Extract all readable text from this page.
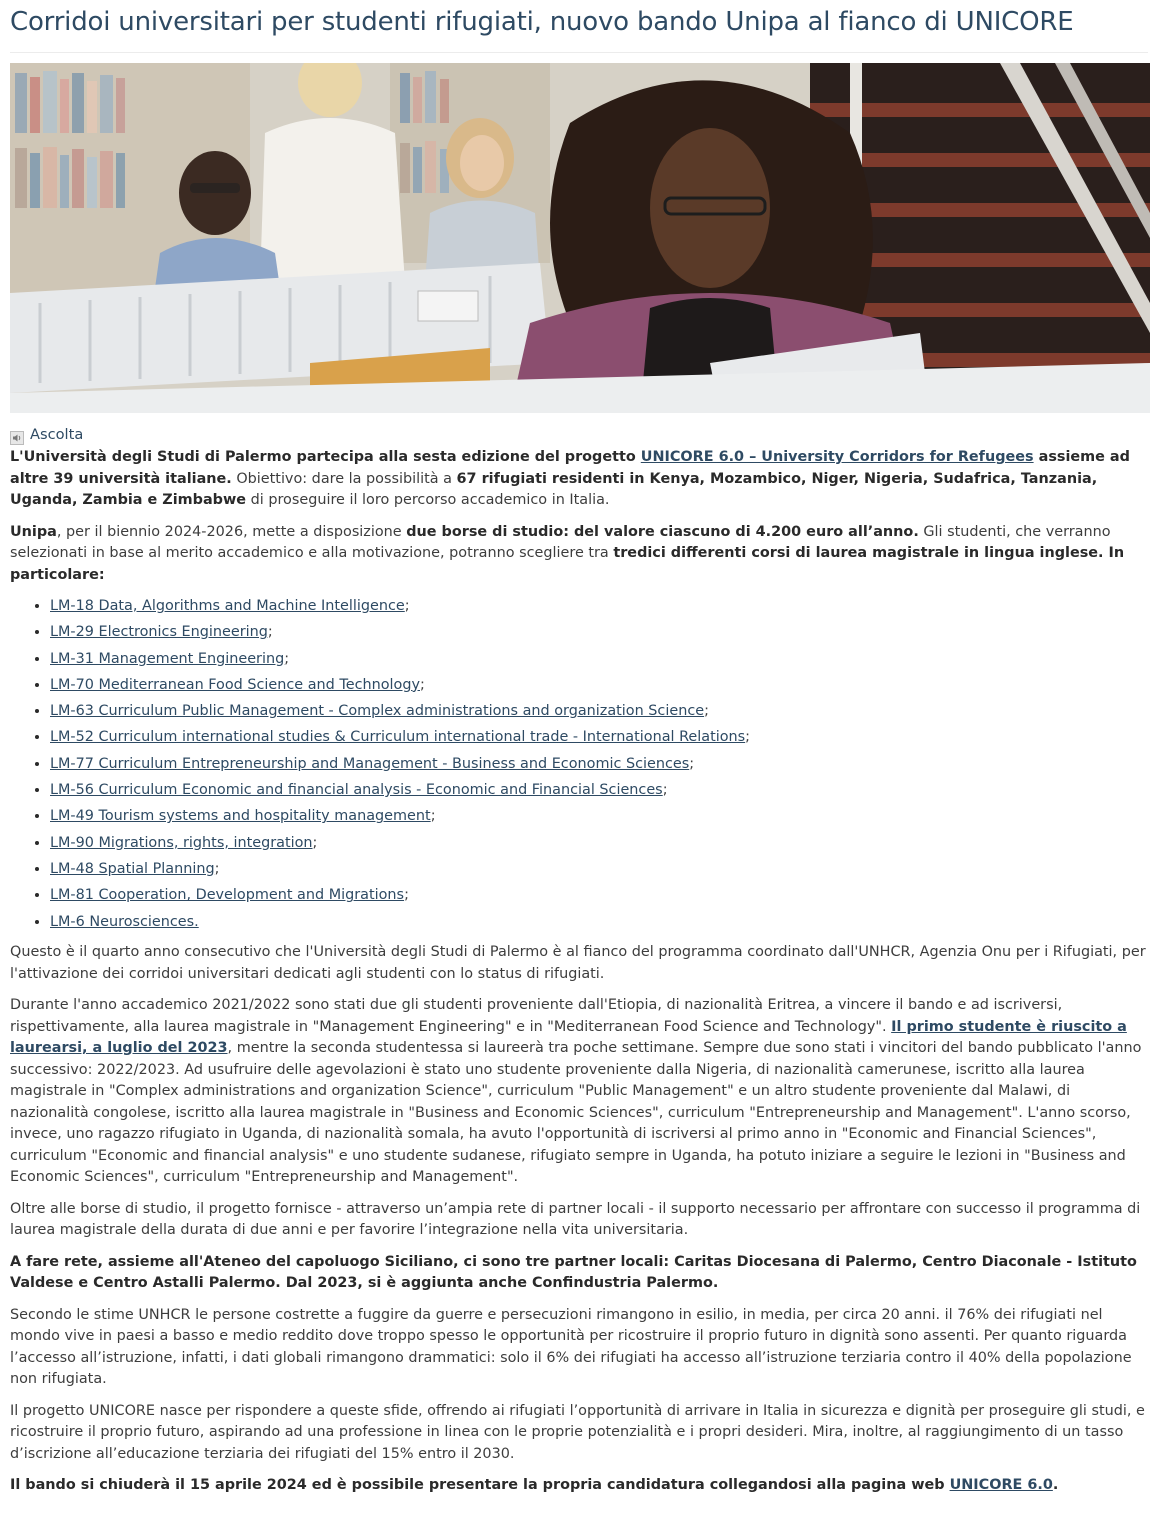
Corridoi universitari per studenti rifugiati, nuovo bando Unipa al fianco di UNICORE
Ascolta

L'Università degli Studi di Palermo partecipa alla sesta edizione del progetto UNICORE 6.0 – University Corridors for Refugees assieme ad altre 39 università italiane. Obiettivo: dare la possibilità a 67 rifugiati residenti in Kenya, Mozambico, Niger, Nigeria, Sudafrica, Tanzania, Uganda, Zambia e Zimbabwe di proseguire il loro percorso accademico in Italia.

Unipa, per il biennio 2024-2026, mette a disposizione due borse di studio: del valore ciascuno di 4.200 euro all’anno. Gli studenti, che verranno selezionati in base al merito accademico e alla motivazione, potranno scegliere tra tredici differenti corsi di laurea magistrale in lingua inglese. In particolare:

• LM-18 Data, Algorithms and Machine Intelligence;
• LM-29 Electronics Engineering;
• LM-31 Management Engineering;
• LM-70 Mediterranean Food Science and Technology;
• LM-63 Curriculum Public Management - Complex administrations and organization Science;
• LM-52 Curriculum international studies & Curriculum international trade - International Relations;
• LM-77 Curriculum Entrepreneurship and Management - Business and Economic Sciences;
• LM-56 Curriculum Economic and financial analysis - Economic and Financial Sciences;
• LM-49 Tourism systems and hospitality management;
• LM-90 Migrations, rights, integration;
• LM-48 Spatial Planning;
• LM-81 Cooperation, Development and Migrations;
• LM-6 Neurosciences.

Questo è il quarto anno consecutivo che l'Università degli Studi di Palermo è al fianco del programma coordinato dall'UNHCR, Agenzia Onu per i Rifugiati, per l'attivazione dei corridoi universitari dedicati agli studenti con lo status di rifugiati.

Durante l'anno accademico 2021/2022 sono stati due gli studenti proveniente dall'Etiopia, di nazionalità Eritrea, a vincere il bando e ad iscriversi, rispettivamente, alla laurea magistrale in "Management Engineering" e in "Mediterranean Food Science and Technology". Il primo studente è riuscito a laurearsi, a luglio del 2023, mentre la seconda studentessa si laureerà tra poche settimane. Sempre due sono stati i vincitori del bando pubblicato l'anno successivo: 2022/2023. Ad usufruire delle agevolazioni è stato uno studente proveniente dalla Nigeria, di nazionalità camerunese, iscritto alla laurea magistrale in "Complex administrations and organization Science", curriculum "Public Management" e un altro studente proveniente dal Malawi, di nazionalità congolese, iscritto alla laurea magistrale in "Business and Economic Sciences", curriculum "Entrepreneurship and Management". L'anno scorso, invece, uno ragazzo rifugiato in Uganda, di nazionalità somala, ha avuto l'opportunità di iscriversi al primo anno in "Economic and Financial Sciences", curriculum "Economic and financial analysis" e uno studente sudanese, rifugiato sempre in Uganda, ha potuto iniziare a seguire le lezioni in "Business and Economic Sciences", curriculum "Entrepreneurship and Management".

Oltre alle borse di studio, il progetto fornisce - attraverso un’ampia rete di partner locali - il supporto necessario per affrontare con successo il programma di laurea magistrale della durata di due anni e per favorire l’integrazione nella vita universitaria.

A fare rete, assieme all'Ateneo del capoluogo Siciliano, ci sono tre partner locali: Caritas Diocesana di Palermo, Centro Diaconale - Istituto Valdese e Centro Astalli Palermo. Dal 2023, si è aggiunta anche Confindustria Palermo.

Secondo le stime UNHCR le persone costrette a fuggire da guerre e persecuzioni rimangono in esilio, in media, per circa 20 anni. il 76% dei rifugiati nel mondo vive in paesi a basso e medio reddito dove troppo spesso le opportunità per ricostruire il proprio futuro in dignità sono assenti. Per quanto riguarda l’accesso all’istruzione, infatti, i dati globali rimangono drammatici: solo il 6% dei rifugiati ha accesso all’istruzione terziaria contro il 40% della popolazione non rifugiata.

Il progetto UNICORE nasce per rispondere a queste sfide, offrendo ai rifugiati l’opportunità di arrivare in Italia in sicurezza e dignità per proseguire gli studi, e ricostruire il proprio futuro, aspirando ad una professione in linea con le proprie potenzialità e i propri desideri. Mira, inoltre, al raggiungimento di un tasso d’iscrizione all’educazione terziaria dei rifugiati del 15% entro il 2030.

Il bando si chiuderà il 15 aprile 2024 ed è possibile presentare la propria candidatura collegandosi alla pagina web UNICORE 6.0.
